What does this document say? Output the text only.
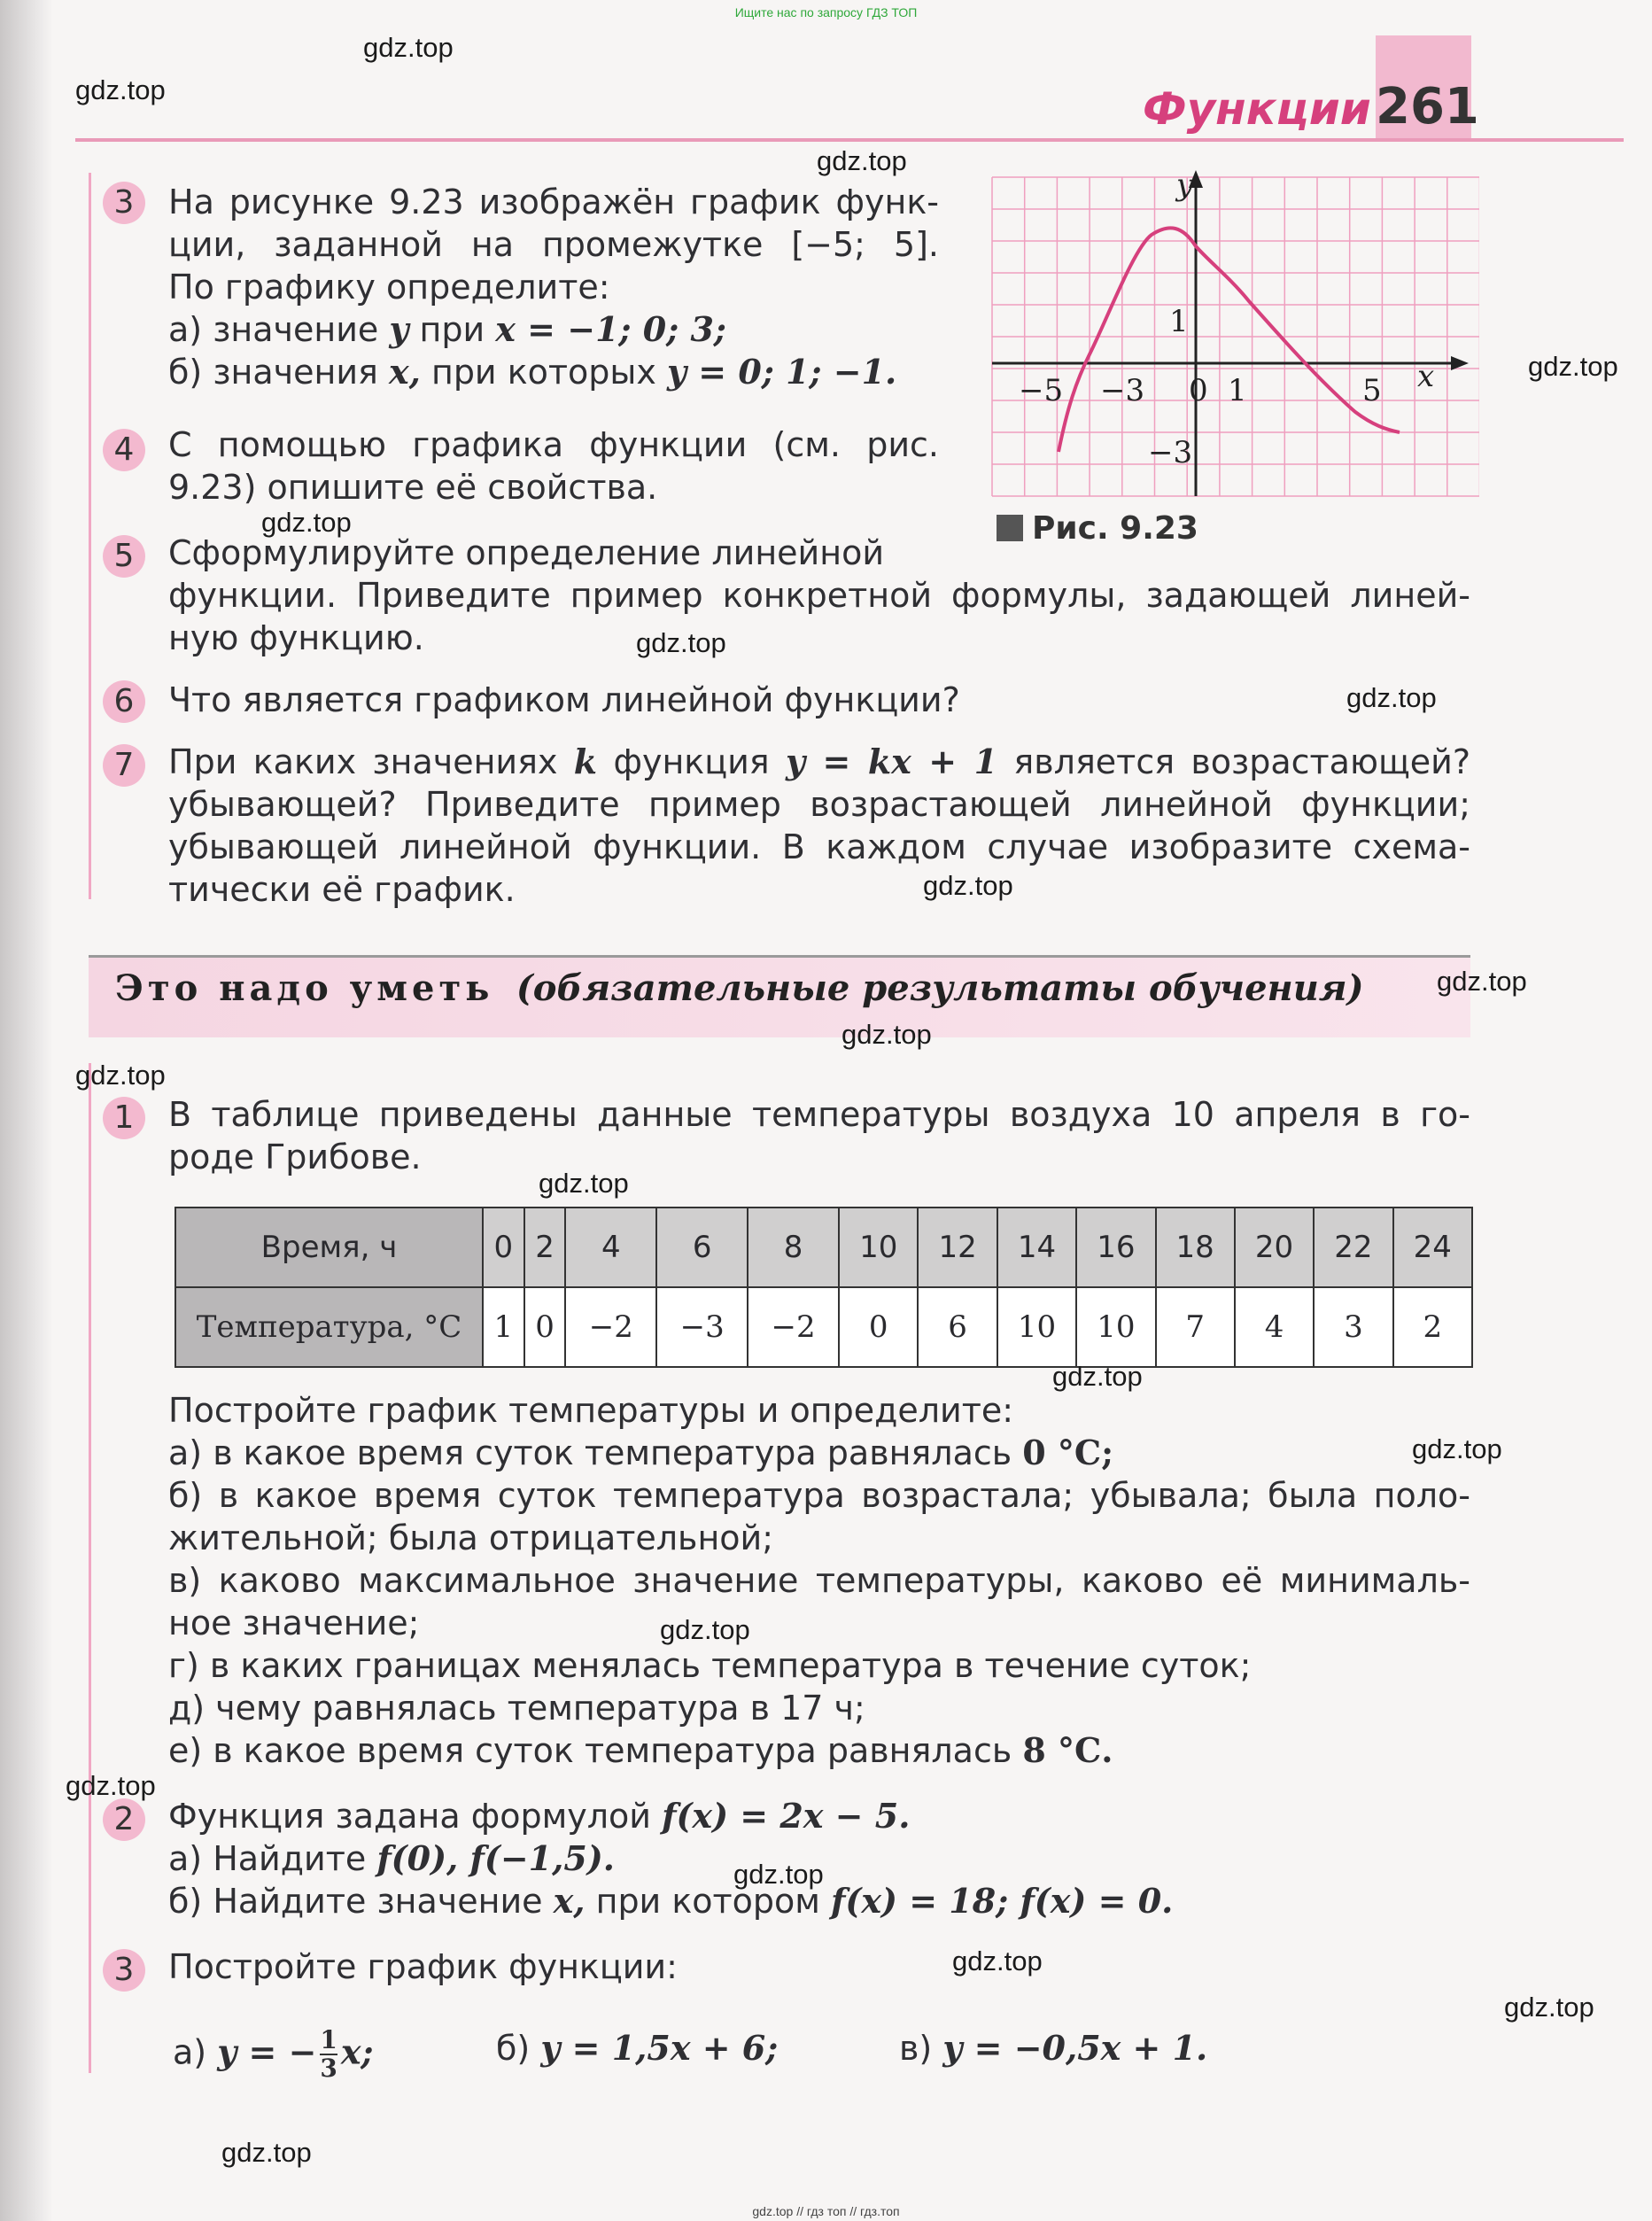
Ищите нас по запросу ГДЗ ТОП
Функции 261
x
y
−5 −3 0 1	5
1
−3
Рис. 9.23
3	На рисунке 9.23 изображён график функ-
ции, заданной на промежутке [−5; 5].
По графику определите:
а) значение y при x = −1; 0; 3;
б) значения x, при которых y = 0; 1; −1.
4	С помощью графика функции (см. рис.
9.23) опишите её свойства.
5	Сформулируйте определение линейной

функции. Приведите пример конкретной формулы, задающей линей-
ную функцию.
6	Что является графиком линейной функции?
7	При каких значениях k функция y = kx + 1 является возрастающей?
убывающей? Приведите пример возрастающей линейной функции;
убывающей линейной функции. В каждом случае изобразите схема-
тически её график.
Это надо уметь (обязательные результаты обучения)
1	В таблице приведены данные температуры воздуха 10 апреля в го-
роде Грибове.
Время, ч	0	2	4	6	8	10	12	14	16	18	20	22	24
Температура, °С	1	0	−2	−3	−2	0	6	10	10	7	4	3	2
Постройте график температуры и определите:
а) в какое время суток температура равнялась 0 °С;

б) в какое время суток температура возрастала; убывала; была поло-
жительной; была отрицательной;

в) каково максимальное значение температуры, каково её минималь-
ное значение;
г) в каких границах менялась температура в течение суток;
д) чему равнялась температура в 17 ч;
е) в какое время суток температура равнялась 8 °С.
2	Функция задана формулой f(x) = 2x − 5.
а) Найдите f(0), f(−1,5).
б) Найдите значение x, при котором f(x) = 18; f(x) = 0.
3	Постройте график функции:
а) y = − $\frac{1}{3} x$;	б) y = 1,5x + 6;	в) y = −0,5x + 1.
gdz.top
gdz.top
gdz.top
gdz.top
gdz.top
gdz.top
gdz.top
gdz.top
gdz.top
gdz.top
gdz.top
gdz.top
gdz.top
gdz.top
gdz.top
gdz.top
gdz.top
gdz.top
gdz.top
gdz.top
gdz.top // гдз топ // гдз.топ
